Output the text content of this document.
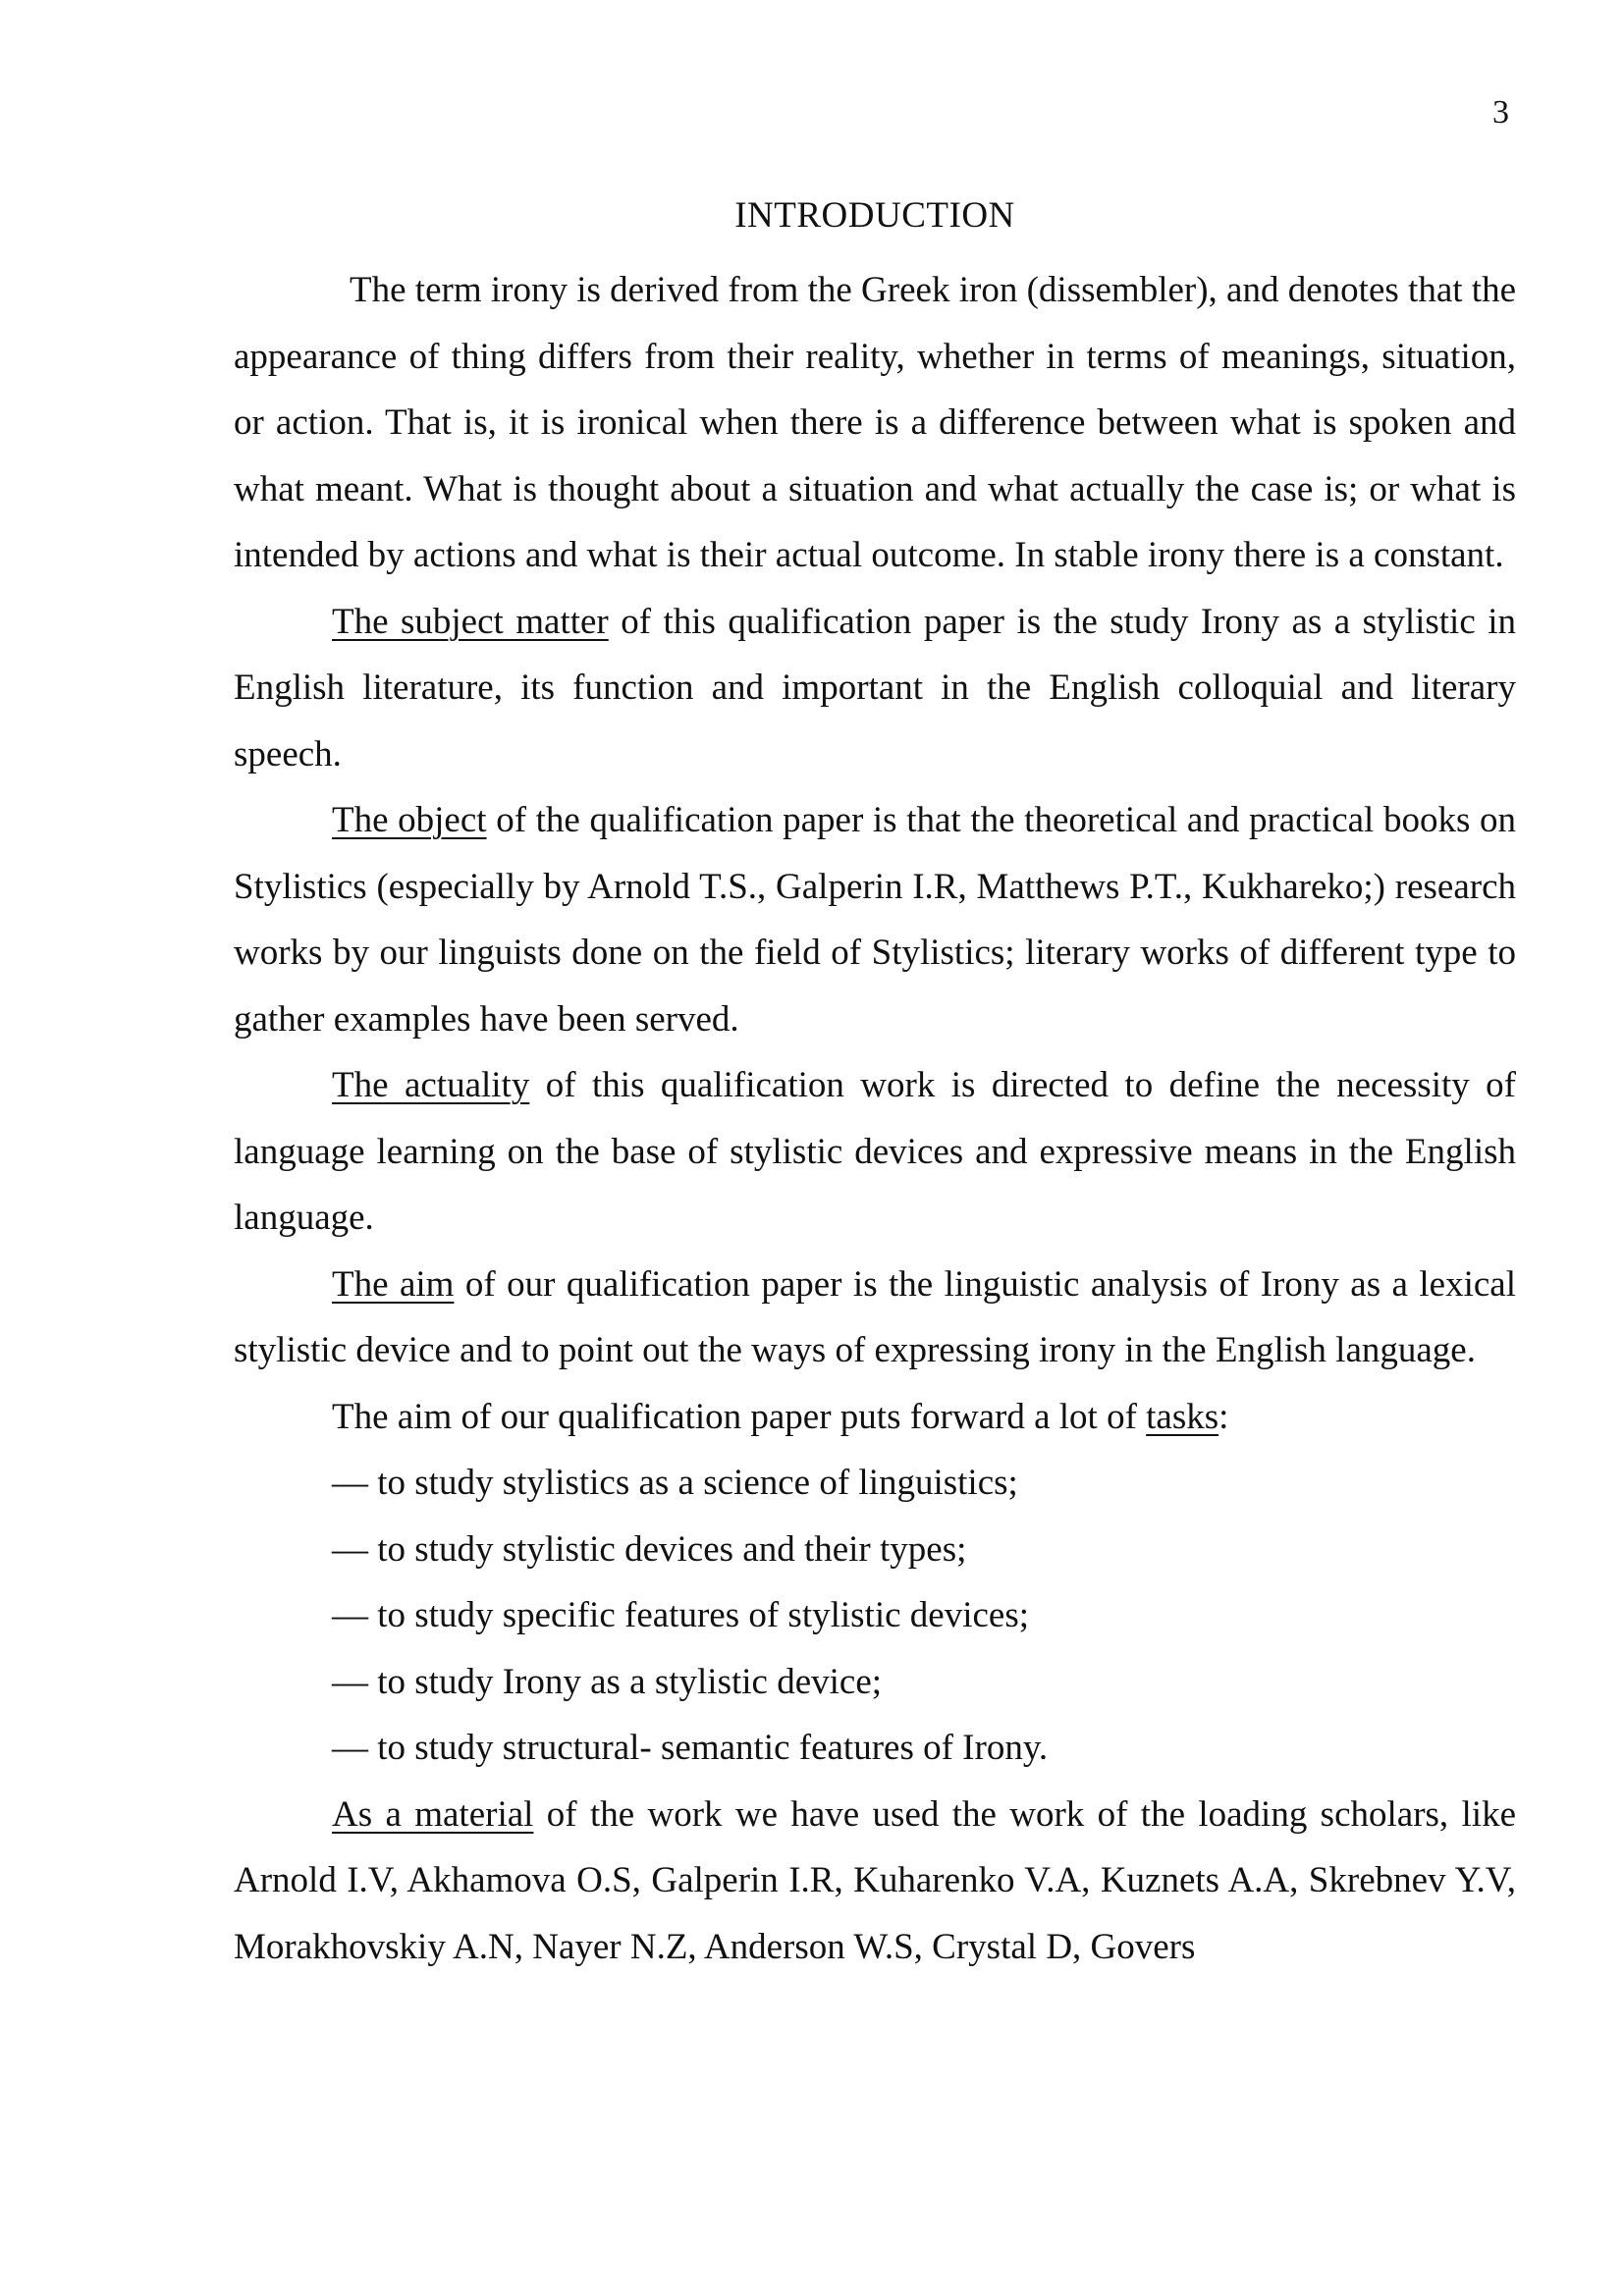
3
INTRODUCTION

The term irony is derived from the Greek iron (dissembler), and denotes that the appearance of thing differs from their reality, whether in terms of meanings, situation, or action. That is, it is ironical when there is a difference between what is spoken and what meant. What is thought about a situation and what actually the case is; or what is intended by actions and what is their actual outcome. In stable irony there is a constant.

The subject matter of this qualification paper is the study Irony as a stylistic in English literature, its function and important in the English colloquial and literary speech.

The object of the qualification paper is that the theoretical and practical books on Stylistics (especially by Arnold T.S., Galperin I.R, Matthews P.T., Kukhareko;) research works by our linguists done on the field of Stylistics; literary works of different type to gather examples have been served.

The actuality of this qualification work is directed to define the necessity of language learning on the base of stylistic devices and expressive means in the English language.

The aim of our qualification paper is the linguistic analysis of Irony as a lexical stylistic device and to point out the ways of expressing irony in the English language.

The aim of our qualification paper puts forward a lot of tasks:

— to study stylistics as a science of linguistics;

— to study stylistic devices and their types;

— to study specific features of stylistic devices;

— to study Irony as a stylistic device;

— to study structural- semantic features of Irony.

As a material of the work we have used the work of the loading scholars, like Arnold I.V, Akhamova O.S, Galperin I.R, Kuharenko V.A, Kuznets A.A, Skrebnev Y.V, Morakhovskiy A.N, Nayer N.Z, Anderson W.S, Crystal D, Govers
